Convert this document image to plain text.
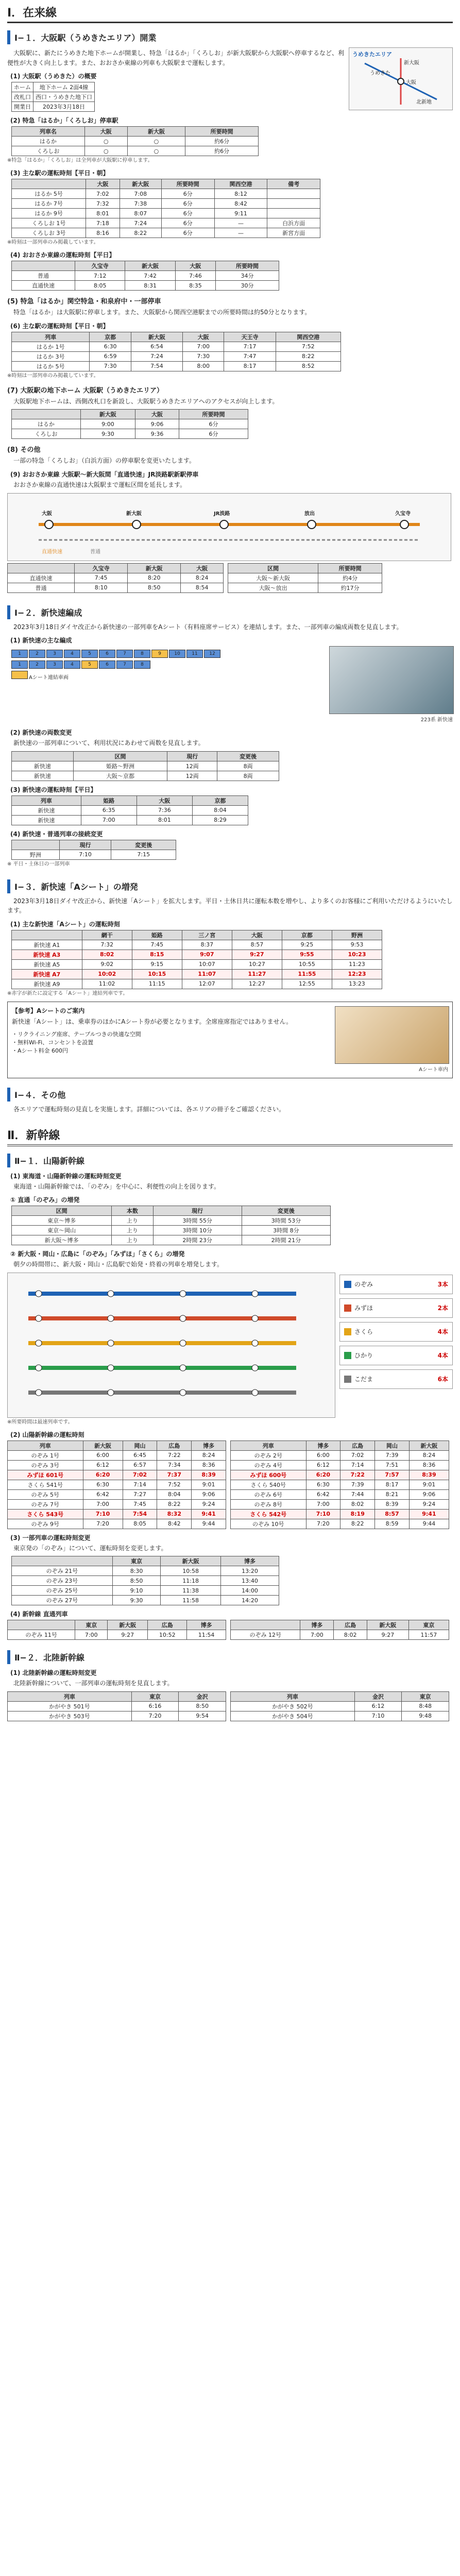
Ⅰ．在来線
Ⅰ−１．大阪駅（うめきたエリア）開業
大阪駅に、新たにうめきた地下ホームが開業し、特急「はるか」「くろしお」が新大阪駅から大阪駅へ停車するなど、利便性が大きく向上します。また、おおさか東線の列車も大阪駅まで運転します。
(1) 大阪駅（うめきた）の概要
ホーム	地下ホーム 2面4線
改札口	西口・うめきた地下口
開業日	2023年3月18日
うめきたエリア
大阪
新大阪
うめきた
北新地
(2) 特急「はるか」「くろしお」停車駅
列車名	大阪	新大阪	所要時間
はるか	○	○	約6分
くろしお	○	○	約6分
※特急「はるか」「くろしお」は全列車が大阪駅に停車します。
(3) 主な駅の運転時刻【平日・朝】
	大阪	新大阪	所要時間	関西空港	備考
はるか 5号	7:02	7:08	6分	8:12	
はるか 7号	7:32	7:38	6分	8:42	
はるか 9号	8:01	8:07	6分	9:11	
くろしお 1号	7:18	7:24	6分	—	白浜方面
くろしお 3号	8:16	8:22	6分	—	新宮方面
※時刻は一部列車のみ掲載しています。
(4) おおさか東線の運転時刻【平日】
	久宝寺	新大阪	大阪	所要時間
普通	7:12	7:42	7:46	34分
直通快速	8:05	8:31	8:35	30分
(5) 特急「はるか」関空特急・和泉府中・一部停車
特急「はるか」は大阪駅に停車します。また、大阪駅から関西空港駅までの所要時間は約50分となります。
(6) 主な駅の運転時刻【平日・朝】
列車	京都	新大阪	大阪	天王寺	関西空港
はるか 1号	6:30	6:54	7:00	7:17	7:52
はるか 3号	6:59	7:24	7:30	7:47	8:22
はるか 5号	7:30	7:54	8:00	8:17	8:52
※時刻は一部列車のみ掲載しています。
(7) 大阪駅の地下ホーム 大阪駅（うめきたエリア）
大阪駅地下ホームは、西側改札口を新設し、大阪駅うめきたエリアへのアクセスが向上します。
	新大阪	大阪	所要時間
はるか	9:00	9:06	6分
くろしお	9:30	9:36	6分
(8) その他
一部の特急「くろしお」（白浜方面）の停車駅を変更いたします。
(9) おおさか東線 大阪駅〜新大阪間「直通快速」JR淡路駅新駅停車
おおさか東線の直通快速は大阪駅まで運転区間を延長します。
大阪	新大阪	JR淡路	放出	久宝寺
直通快速	普通
	久宝寺	新大阪	大阪
直通快速	7:45	8:20	8:24
普通	8:10	8:50	8:54
区間	所要時間
大阪〜新大阪	約4分
大阪〜放出	約17分
Ⅰ−２．新快速編成
2023年3月18日ダイヤ改正から新快速の一部列車をAシート（有料座席サービス）を連結します。また、一部列車の編成両数を見直します。
(1) 新快速の主な編成
1	2	3	4	5	6	7	8	9	10	11	12
1	2	3	4	5	6	7	8
Aシート連結車両
223系 新快速
(2) 新快速の両数変更
新快速の一部列車について、利用状況にあわせて両数を見直します。
	区間	現行	変更後
新快速	姫路〜野洲	12両	8両
新快速	大阪〜京都	12両	8両
(3) 新快速の運転時刻【平日】
列車	姫路	大阪	京都
新快速	6:35	7:36	8:04
新快速	7:00	8:01	8:29
(4) 新快速・普通列車の接続変更
	現行	変更後
野洲	7:10	7:15
※ 平日・土休日の一部列車
Ⅰ−３．新快速「Aシート」の増発
2023年3月18日ダイヤ改正から、新快速「Aシート」を拡大します。平日・土休日共に運転本数を増やし、より多くのお客様にご利用いただけるようにいたします。
(1) 主な新快速「Aシート」の運転時刻
	網干	姫路	三ノ宮	大阪	京都	野洲
新快速 A1	7:32	7:45	8:37	8:57	9:25	9:53
新快速 A3	8:02	8:15	9:07	9:27	9:55	10:23
新快速 A5	9:02	9:15	10:07	10:27	10:55	11:23
新快速 A7	10:02	10:15	11:07	11:27	11:55	12:23
新快速 A9	11:02	11:15	12:07	12:27	12:55	13:23
※赤字が新たに設定する「Aシート」連結列車です。
【参考】Aシートのご案内
新快速「Aシート」は、乗車券のほかにAシート券が必要となります。全席座席指定ではありません。
・リクライニング座席、テーブルつきの快適な空間
・無料Wi-Fi、コンセントを設置
・Aシート料金 600円
Aシート車内
Ⅰ−４．その他
各エリアで運転時刻の見直しを実施します。詳細については、各エリアの冊子をご確認ください。
Ⅱ．新幹線
Ⅱ−１．山陽新幹線
(1) 東海道・山陽新幹線の運転時刻変更
東海道・山陽新幹線では、「のぞみ」を中心に、利便性の向上を図ります。
① 直通「のぞみ」の増発
区間	本数	現行	変更後
東京〜博多	上り	3時間 55分	3時間 53分
東京〜岡山	上り	3時間 10分	3時間 8分
新大阪〜博多	上り	2時間 23分	2時間 21分
② 新大阪・岡山・広島に「のぞみ」「みずほ」「さくら」の増発
朝夕の時間帯に、新大阪・岡山・広島駅で始発・終着の列車を増発します。
のぞみ	3本
みずほ	2本
さくら	4本
ひかり	4本
こだま	6本
※所要時間は最速列車です。
(2) 山陽新幹線の運転時刻
列車	新大阪	岡山	広島	博多
のぞみ 1号	6:00	6:45	7:22	8:24
のぞみ 3号	6:12	6:57	7:34	8:36
みずほ 601号	6:20	7:02	7:37	8:39
さくら 541号	6:30	7:14	7:52	9:01
のぞみ 5号	6:42	7:27	8:04	9:06
のぞみ 7号	7:00	7:45	8:22	9:24
さくら 543号	7:10	7:54	8:32	9:41
のぞみ 9号	7:20	8:05	8:42	9:44
列車	博多	広島	岡山	新大阪
のぞみ 2号	6:00	7:02	7:39	8:24
のぞみ 4号	6:12	7:14	7:51	8:36
みずほ 600号	6:20	7:22	7:57	8:39
さくら 540号	6:30	7:39	8:17	9:01
のぞみ 6号	6:42	7:44	8:21	9:06
のぞみ 8号	7:00	8:02	8:39	9:24
さくら 542号	7:10	8:19	8:57	9:41
のぞみ 10号	7:20	8:22	8:59	9:44
(3) 一部列車の運転時刻変更
東京発の「のぞみ」について、運転時刻を変更します。
	東京	新大阪	博多
のぞみ 21号	8:30	10:58	13:20
のぞみ 23号	8:50	11:18	13:40
のぞみ 25号	9:10	11:38	14:00
のぞみ 27号	9:30	11:58	14:20
(4) 新幹線 直通列車
	東京	新大阪	広島	博多
のぞみ 11号	7:00	9:27	10:52	11:54
	博多	広島	新大阪	東京
のぞみ 12号	7:00	8:02	9:27	11:57
Ⅱ−２．北陸新幹線
(1) 北陸新幹線の運転時刻変更
北陸新幹線について、一部列車の運転時刻を見直します。
列車	東京	金沢
かがやき 501号	6:16	8:50
かがやき 503号	7:20	9:54
列車	金沢	東京
かがやき 502号	6:12	8:48
かがやき 504号	7:10	9:48
